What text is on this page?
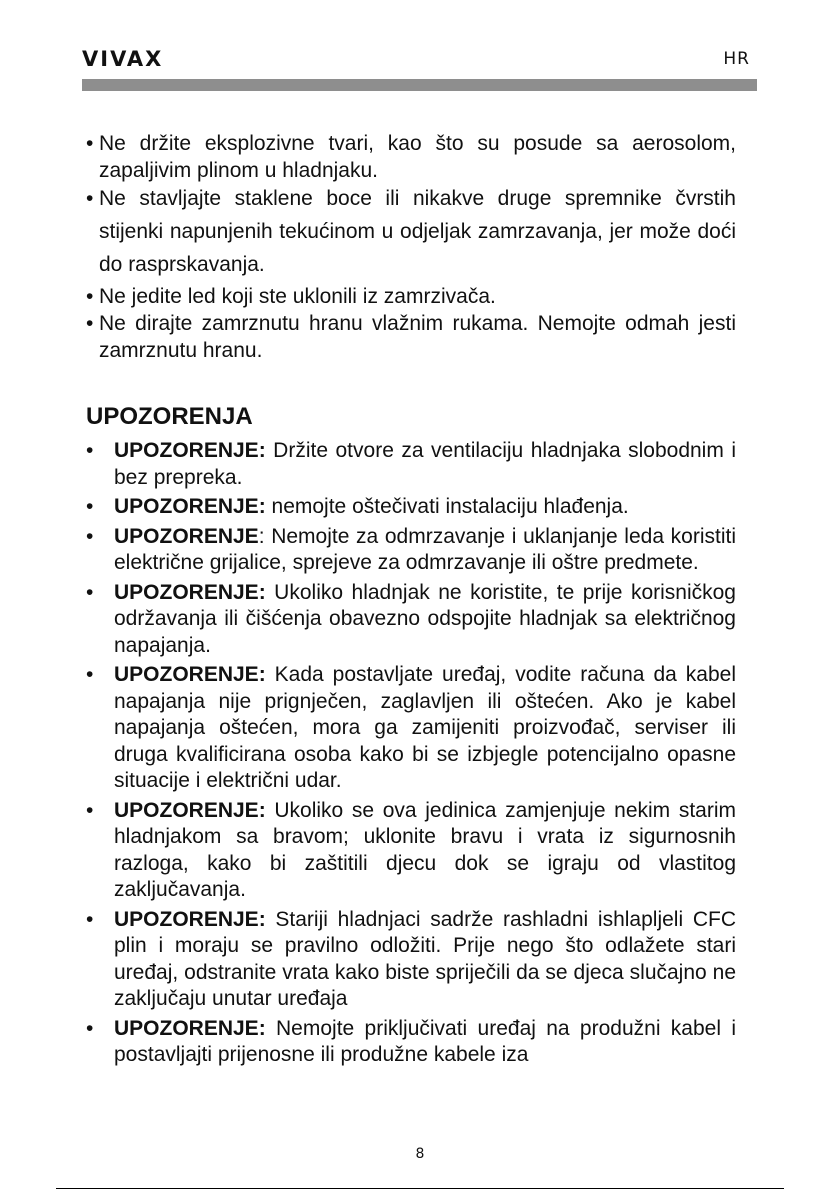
VIVAX	HR
• Ne držite eksplozivne tvari, kao što su posude sa aerosolom, zapaljivim plinom u hladnjaku.
• Ne stavljajte staklene boce ili nikakve druge spremnike čvrstih stijenki napunjenih tekućinom u odjeljak zamrzavanja, jer može doći do rasprskavanja.
• Ne jedite led koji ste uklonili iz zamrzivača.
• Ne dirajte zamrznutu hranu vlažnim rukama. Nemojte odmah jesti zamrznutu hranu.
UPOZORENJA
• UPOZORENJE: Držite otvore za ventilaciju hladnjaka slobodnim i bez prepreka.
• UPOZORENJE: nemojte oštečivati instalaciju hlađenja.
• UPOZORENJE: Nemojte za odmrzavanje i uklanjanje leda koristiti električne grijalice, sprejeve za odmrzavanje ili oštre predmete.
• UPOZORENJE: Ukoliko hladnjak ne koristite, te prije korisničkog održavanja ili čišćenja obavezno odspojite hladnjak sa električnog napajanja.
• UPOZORENJE: Kada postavljate uređaj, vodite računa da kabel napajanja nije prignječen, zaglavljen ili oštećen. Ako je kabel napajanja oštećen, mora ga zamijeniti proizvođač, serviser ili druga kvalificirana osoba kako bi se izbjegle potencijalno opasne situacije i električni udar.
• UPOZORENJE: Ukoliko se ova jedinica zamjenjuje nekim starim hladnjakom sa bravom; uklonite bravu i vrata iz sigurnosnih razloga, kako bi zaštitili djecu dok se igraju od vlastitog zaključavanja.
• UPOZORENJE: Stariji hladnjaci sadrže rashladni ishlapljeli CFC plin i moraju se pravilno odložiti. Prije nego što odlažete stari uređaj, odstranite vrata kako biste spriječili da se djeca slučajno ne zaključaju unutar uređaja
• UPOZORENJE: Nemojte priključivati uređaj na produžni kabel i postavljajti prijenosne ili produžne kabele iza
8
